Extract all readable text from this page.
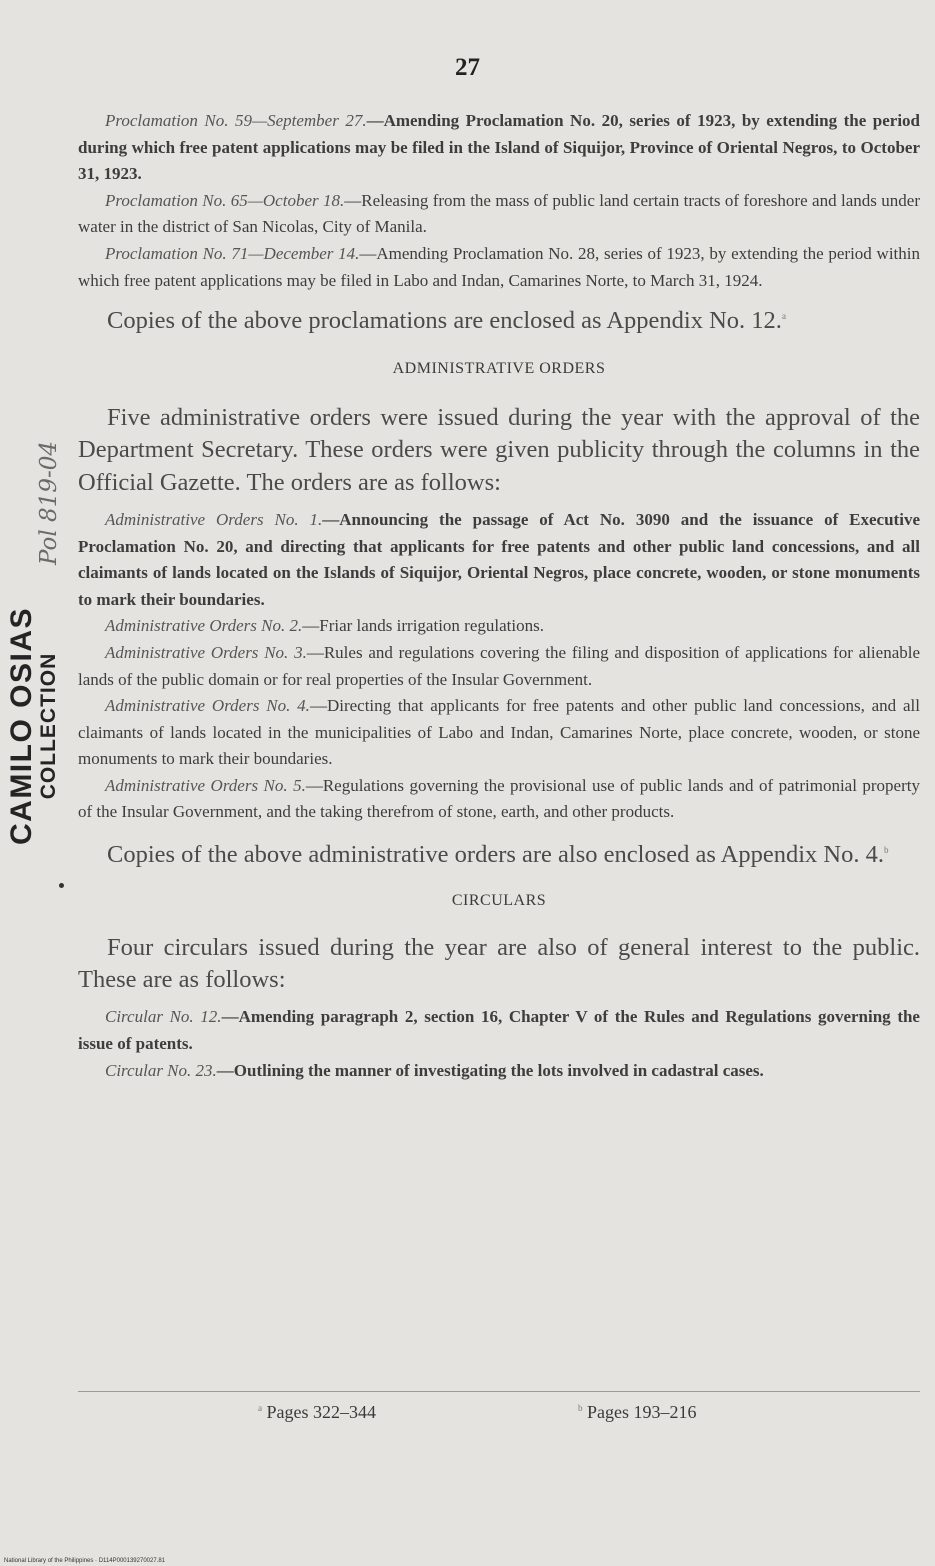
27

Proclamation No. 59—September 27.—Amending Proclamation No. 20, series of 1923, by extending the period during which free patent applications may be filed in the Island of Siquijor, Province of Oriental Negros, to October 31, 1923.

Proclamation No. 65—October 18.—Releasing from the mass of public land certain tracts of foreshore and lands under water in the district of San Nicolas, City of Manila.

Proclamation No. 71—December 14.—Amending Proclamation No. 28, series of 1923, by extending the period within which free patent applications may be filed in Labo and Indan, Camarines Norte, to March 31, 1924.

Copies of the above proclamations are enclosed as Appendix No. 12.$^a$

ADMINISTRATIVE ORDERS

Five administrative orders were issued during the year with the approval of the Department Secretary. These orders were given publicity through the columns in the Official Gazette. The orders are as follows:

Administrative Orders No. 1.—Announcing the passage of Act No. 3090 and the issuance of Executive Proclamation No. 20, and directing that applicants for free patents and other public land concessions, and all claimants of lands located on the Islands of Siquijor, Oriental Negros, place concrete, wooden, or stone monuments to mark their boundaries.

Administrative Orders No. 2.—Friar lands irrigation regulations.

Administrative Orders No. 3.—Rules and regulations covering the filing and disposition of applications for alienable lands of the public domain or for real properties of the Insular Government.

Administrative Orders No. 4.—Directing that applicants for free patents and other public land concessions, and all claimants of lands located in the municipalities of Labo and Indan, Camarines Norte, place concrete, wooden, or stone monuments to mark their boundaries.

Administrative Orders No. 5.—Regulations governing the provisional use of public lands and of patrimonial property of the Insular Government, and the taking therefrom of stone, earth, and other products.

Copies of the above administrative orders are also enclosed as Appendix No. 4.$^b$

CIRCULARS

Four circulars issued during the year are also of general interest to the public. These are as follows:

Circular No. 12.—Amending paragraph 2, section 16, Chapter V of the Rules and Regulations governing the issue of patents.

Circular No. 23.—Outlining the manner of investigating the lots involved in cadastral cases.

$^a$ Pages 322–344	$^b$ Pages 193–216
Pol 819-04
CAMILO OSIAS COLLECTION
National Library of the Philippines · D114P000139270027.81
